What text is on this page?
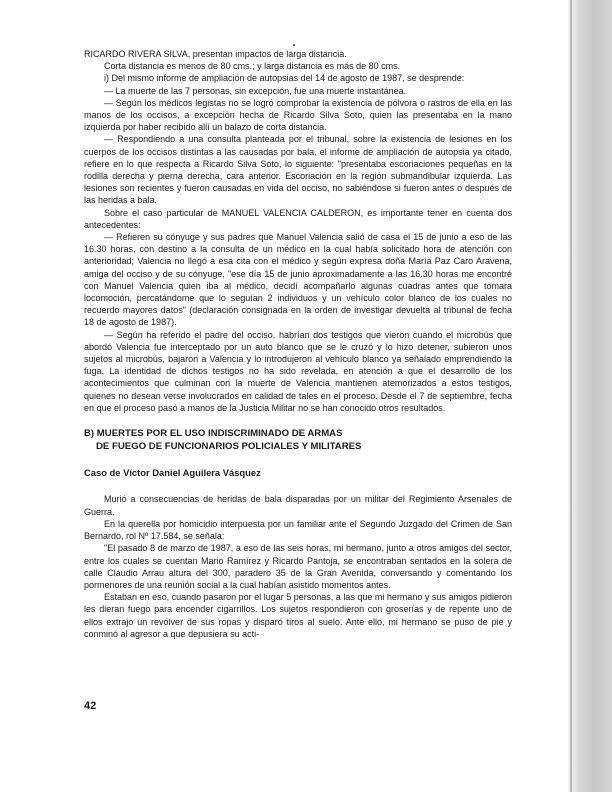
RICARDO RIVERA SILVA, presentan impactos de larga distancia.

Corta distancia es menos de 80 cms.; y larga distancia es más de 80 cms.

i) Del mismo informe de ampliación de autopsias del 14 de agosto de 1987, se desprende:

— La muerte de las 7 personas, sin excepción, fue una muerte instantánea.

— Según los médicos legistas no se logró comprobar la existencia de pólvora o rastros de ella en las manos de los occisos, a excepción hecha de Ricardo Silva Soto, quien las presentaba en la mano izquierda por haber recibido allí un balazo de corta distancia.

— Respondiendo a una consulta planteada por el tribunal, sobre la existencia de lesiones en los cuerpos de los occisos distintas a las causadas por bala, el informe de ampliación de autopsia ya citado, refiere en lo que respecta a Ricardo Silva Soto, lo siguiente: "presentaba escoriaciones pequeñas en la rodilla derecha y pierna derecha, cara anterior. Escoriación en la región submandibular izquierda. Las lesiones son recientes y fueron causadas en vida del occiso, no sabiéndose si fueron antes o después de las heridas a bala.

Sobre el caso particular de MANUEL VALENCIA CALDERON, es importante tener en cuenta dos antecedentes:

— Refieren su cónyuge y sus padres que Manuel Valencia salió de casa el 15 de junio a eso de las 16.30 horas, con destino a la consulta de un médico en la cual había solicitado hora de atención con anterioridad; Valencia no llegó a esa cita con el médico y según expresa doña María Paz Caro Aravena, amiga del occiso y de su cónyuge, "ese día 15 de junio aproximadamente a las 16.30 horas me encontré con Manuel Valencia quien iba al médico, decidí acompañarlo algunas cuadras antes que tomara locomoción, percatándome que lo seguían 2 individuos y un vehículo color blanco de los cuales no recuerdo mayores datos" (declaración consignada en la orden de investigar devuelta al tribunal de fecha 18 de agosto de 1987).

— Según ha referido el padre del occiso, habrían dos testigos que vieron cuando el microbús que abordó Valencia fue interceptado por un auto blanco que se le cruzó y lo hizo detener, subieron unos sujetos al microbús, bajaron a Valencia y lo introdujeron al vehículo blanco ya señalado emprendiendo la fuga. La identidad de dichos testigos no ha sido revelada, en atención a que el desarrollo de los acontecimientos que culminan con la muerte de Valencia mantienen atemorizados a estos testigos, quienes no desean verse involucrados en calidad de tales en el proceso. Desde el 7 de septiembre, fecha en que el proceso pasó a manos de la Justicia Militar no se han conocido otros resultados.

B) MUERTES POR EL USO INDISCRIMINADO DE ARMAS
DE FUEGO DE FUNCIONARIOS POLICIALES Y MILITARES

Caso de Víctor Daniel Aguilera Vásquez

Murió a consecuencias de heridas de bala disparadas por un militar del Regimiento Arsenales de Guerra.

En la querella por homicidio interpuesta por un familiar ante el Segundo Juzgado del Crimen de San Bernardo, rol Nº 17.584, se señala:

"El pasado 8 de marzo de 1987, a eso de las seis horas, mi hermano, junto a otros amigos del sector, entre los cuales se cuentan Mario Ramírez y Ricardo Pantoja, se encontraban sentados en la solera de calle Claudio Arrau altura del 300, paradero 35 de la Gran Avenida, conversando y comentando los pormenores de una reunión social a la cual habían asistido momentos antes.

Estaban en eso, cuando pasaron por el lugar 5 personas, a las que mi hermano y sus amigos pidieron les dieran fuego para encender cigarrillos. Los sujetos respondieron con groserías y de repente uno de ellos extrajo un revólver de sus ropas y disparó tiros al suelo. Ante ello, mi hermano se puso de pie y conminó al agresor a que depusiera su acti-

42
